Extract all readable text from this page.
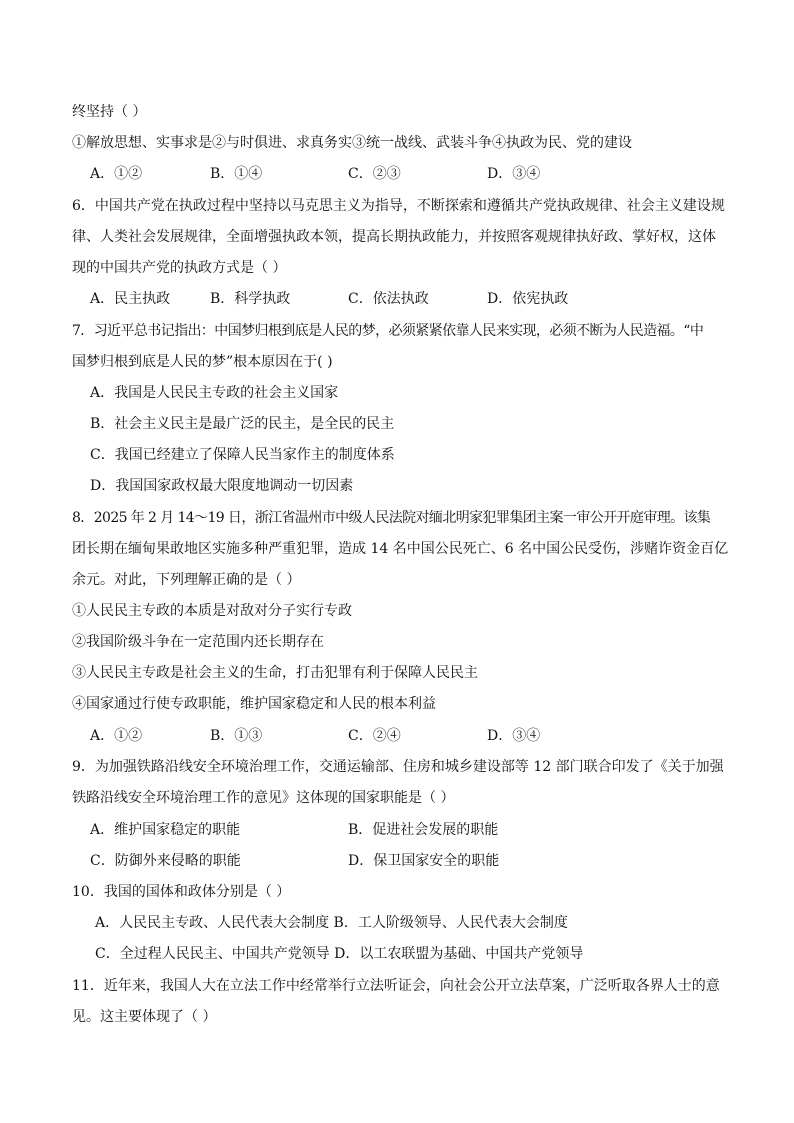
终坚持（ ）
①解放思想、实事求是②与时俱进、求真务实③统一战线、武装斗争④执政为民、党的建设
A．①②	B．①④	C．②③	D．③④
6．中国共产党在执政过程中坚持以马克思主义为指导，不断探索和遵循共产党执政规律、社会主义建设规
律、人类社会发展规律，全面增强执政本领，提高长期执政能力，并按照客观规律执好政、掌好权，这体
现的中国共产党的执政方式是（ ）
A．民主执政	B．科学执政	C．依法执政	D．依宪执政
7．习近平总书记指出：中国梦归根到底是人民的梦，必须紧紧依靠人民来实现，必须不断为人民造福。“中
国梦归根到底是人民的梦”根本原因在于( )
A．我国是人民民主专政的社会主义国家
B．社会主义民主是最广泛的民主，是全民的民主
C．我国已经建立了保障人民当家作主的制度体系
D．我国国家政权最大限度地调动一切因素
8．2025 年 2 月 14～19 日，浙江省温州市中级人民法院对缅北明家犯罪集团主案一审公开开庭审理。该集
团长期在缅甸果敢地区实施多种严重犯罪，造成 14 名中国公民死亡、6 名中国公民受伤，涉赌诈资金百亿
余元。对此，下列理解正确的是（ ）
①人民民主专政的本质是对敌对分子实行专政
②我国阶级斗争在一定范围内还长期存在
③人民民主专政是社会主义的生命，打击犯罪有利于保障人民民主
④国家通过行使专政职能，维护国家稳定和人民的根本利益
A．①②	B．①③	C．②④	D．③④
9．为加强铁路沿线安全环境治理工作，交通运输部、住房和城乡建设部等 12 部门联合印发了《关于加强
铁路沿线安全环境治理工作的意见》这体现的国家职能是（ ）
A．维护国家稳定的职能	B．促进社会发展的职能
C．防御外来侵略的职能	D．保卫国家安全的职能
10．我国的国体和政体分别是（ ）
A．人民民主专政、人民代表大会制度 B．工人阶级领导、人民代表大会制度
C．全过程人民民主、中国共产党领导 D．以工农联盟为基础、中国共产党领导
11．近年来，我国人大在立法工作中经常举行立法听证会，向社会公开立法草案，广泛听取各界人士的意
见。这主要体现了（ ）
